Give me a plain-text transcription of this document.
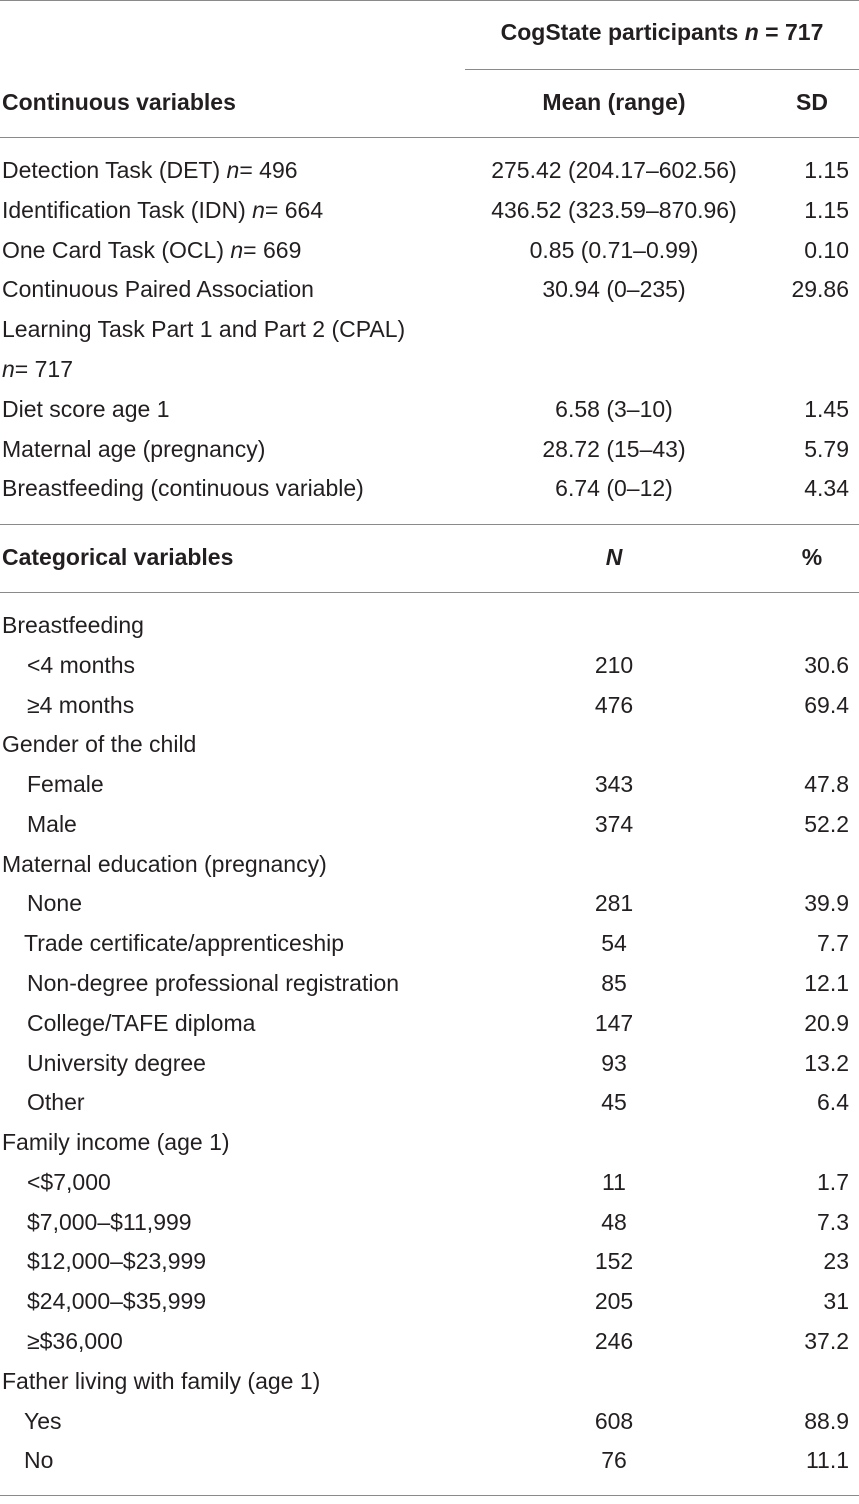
CogState participants n = 717
Continuous variables	Mean (range)	SD
Detection Task (DET) n= 496	275.42 (204.17–602.56)	1.15
Identification Task (IDN) n= 664	436.52 (323.59–870.96)	1.15
One Card Task (OCL) n= 669	0.85 (0.71–0.99)	0.10
Continuous Paired Association	30.94 (0–235)	29.86
Learning Task Part 1 and Part 2 (CPAL)
n= 717
Diet score age 1	6.58 (3–10)	1.45
Maternal age (pregnancy)	28.72 (15–43)	5.79
Breastfeeding (continuous variable)	6.74 (0–12)	4.34
Categorical variables	N	%
Breastfeeding
<4 months	210	30.6
≥4 months	476	69.4
Gender of the child
Female	343	47.8
Male	374	52.2
Maternal education (pregnancy)
None	281	39.9
Trade certificate/apprenticeship	54	7.7
Non-degree professional registration	85	12.1
College/TAFE diploma	147	20.9
University degree	93	13.2
Other	45	6.4
Family income (age 1)
<$7,000	11	1.7
$7,000–$11,999	48	7.3
$12,000–$23,999	152	23
$24,000–$35,999	205	31
≥$36,000	246	37.2
Father living with family (age 1)
Yes	608	88.9
No	76	11.1
